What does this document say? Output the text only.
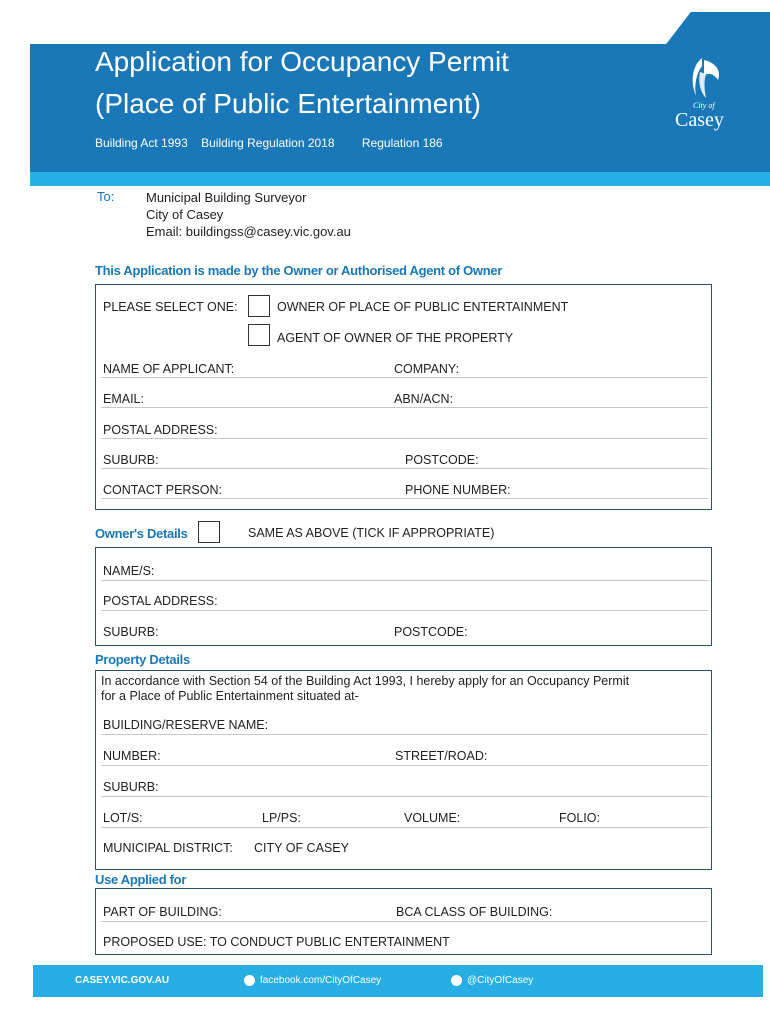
Application for Occupancy Permit
(Place of Public Entertainment)
Building Act 1993 Building Regulation 2018 Regulation 186
City of
Casey
To: Municipal Building Surveyor
City of Casey
Email: buildingss@casey.vic.gov.au
This Application is made by the Owner or Authorised Agent of Owner
PLEASE SELECT ONE:	OWNER OF PLACE OF PUBLIC ENTERTAINMENT
AGENT OF OWNER OF THE PROPERTY
NAME OF APPLICANT:	COMPANY:
EMAIL:	ABN/ACN:
POSTAL ADDRESS:
SUBURB:	POSTCODE:
CONTACT PERSON:	PHONE NUMBER:
Owner's Details	SAME AS ABOVE (TICK IF APPROPRIATE)
NAME/S:
POSTAL ADDRESS:
SUBURB:	POSTCODE:
Property Details
In accordance with Section 54 of the Building Act 1993, I hereby apply for an Occupancy Permit
for a Place of Public Entertainment situated at-
BUILDING/RESERVE NAME:
NUMBER:	STREET/ROAD:
SUBURB:
LOT/S:	LP/PS:	VOLUME:	FOLIO:
MUNICIPAL DISTRICT: CITY OF CASEY
Use Applied for
PART OF BUILDING:	BCA CLASS OF BUILDING:
PROPOSED USE: TO CONDUCT PUBLIC ENTERTAINMENT
CASEY.VIC.GOV.AU	facebook.com/CityOfCasey	@CityOfCasey
